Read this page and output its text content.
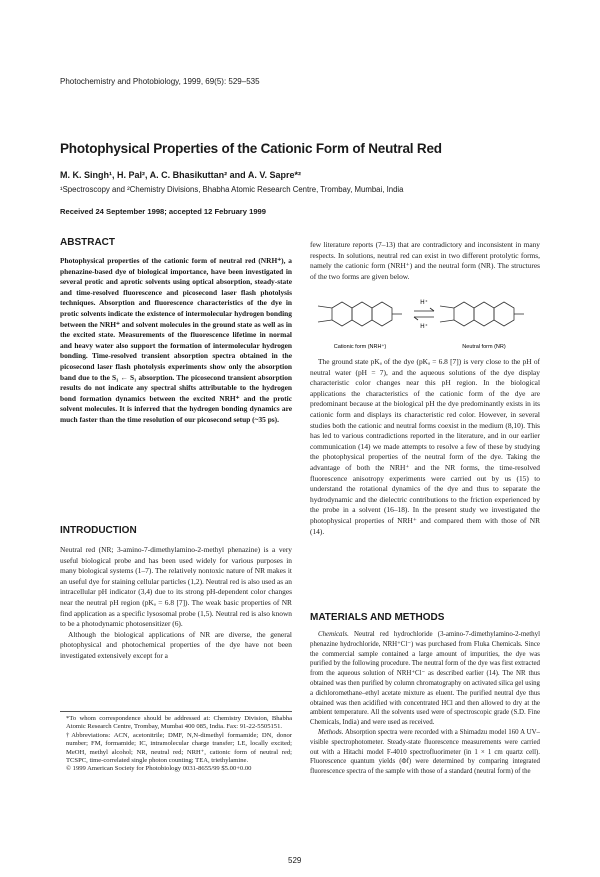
Photochemistry and Photobiology, 1999, 69(5): 529–535
Photophysical Properties of the Cationic Form of Neutral Red
M. K. Singh¹, H. Pal², A. C. Bhasikuttan² and A. V. Sapre*²
¹Spectroscopy and ²Chemistry Divisions, Bhabha Atomic Research Centre, Trombay, Mumbai, India
Received 24 September 1998; accepted 12 February 1999
ABSTRACT

Photophysical properties of the cationic form of neutral red (NRH⁺), a phenazine-based dye of biological importance, have been investigated in several protic and aprotic solvents using optical absorption, steady-state and time-resolved fluorescence and picosecond laser flash photolysis techniques. Absorption and fluorescence characteristics of the dye in protic solvents indicate the existence of intermolecular hydrogen bonding between the NRH⁺ and solvent molecules in the ground state as well as in the excited state. Measurements of the fluorescence lifetime in normal and heavy water also support the formation of intermolecular hydrogen bonding. Time-resolved transient absorption spectra obtained in the picosecond laser flash photolysis experiments show only the absorption band due to the S₁ ← S₁ absorption. The picosecond transient absorption results do not indicate any spectral shifts attributable to the hydrogen bond formation dynamics between the excited NRH⁺ and the protic solvent molecules. It is inferred that the hydrogen bonding dynamics are much faster than the time resolution of our picosecond setup (~35 ps).

INTRODUCTION

Neutral red (NR; 3-amino-7-dimethylamino-2-methyl phenazine) is a very useful biological probe and has been used widely for various purposes in many biological systems (1–7). The relatively nontoxic nature of NR makes it an useful dye for staining cellular particles (1,2). Neutral red is also used as an intracellular pH indicator (3,4) due to its strong pH-dependent color changes near the neutral pH region (pKₐ = 6.8 [7]). The weak basic properties of NR find application as a specific lysosomal probe (1,5). Neutral red is also known to be a photodynamic photosensitizer (6).

Although the biological applications of NR are diverse, the general photophysical and photochemical properties of the dye have not been investigated extensively except for a

*To whom correspondence should be addressed at: Chemistry Division, Bhabha Atomic Research Centre, Trombay, Mumbai 400 085, India. Fax: 91-22-5505151.

†Abbreviations: ACN, acetonitrile; DMF, N,N-dimethyl formamide; DN, donor number; FM, formamide; IC, intramolecular charge transfer; LE, locally excited; MeOH, methyl alcohol; NR, neutral red; NRH⁺, cationic form of neutral red; TCSPC, time-correlated single photon counting; TEA, triethylamine.

© 1999 American Society for Photobiology 0031-8655/99 $5.00+0.00

few literature reports (7–13) that are contradictory and inconsistent in many respects. In solutions, neutral red can exist in two different protolytic forms, namely the cationic form (NRH⁺) and the neutral form (NR). The structures of the two forms are given below.

H⁺
H⁺
Cationic form (NRH⁺)	Neutral form (NR)

The ground state pKₐ of the dye (pKₐ = 6.8 [7]) is very close to the pH of neutral water (pH = 7), and the aqueous solutions of the dye display characteristic color changes near this pH region. In the biological applications the characteristics of the cationic form of the dye are predominant because at the biological pH the dye predominantly exists in its cationic form and displays its characteristic red color. However, in several studies both the cationic and neutral forms coexist in the medium (8,10). This has led to various contradictions reported in the literature, and in our earlier communication (14) we made attempts to resolve a few of these by studying the photophysical properties of the neutral form of the dye. Taking the advantage of both the NRH⁺ and the NR forms, the time-resolved fluorescence anisotropy experiments were carried out by us (15) to understand the rotational dynamics of the dye and thus to separate the hydrodynamic and the dielectric contributions to the friction experienced by the probe in a solvent (16–18). In the present study we investigated the photophysical properties of NRH⁺ and compared them with those of NR (14).

MATERIALS AND METHODS

Chemicals. Neutral red hydrochloride (3-amino-7-dimethylamino-2-methyl phenazine hydrochloride, NRH⁺Cl⁻) was purchased from Fluka Chemicals. Since the commercial sample contained a large amount of impurities, the dye was purified by the following procedure. The neutral form of the dye was first extracted from the aqueous solution of NRH⁺Cl⁻ as described earlier (14). The NR thus obtained was then purified by column chromatography on activated silica gel using a dichloromethane–ethyl acetate mixture as eluent. The purified neutral dye thus obtained was then acidified with concentrated HCl and then allowed to dry at the ambient temperature. All the solvents used were of spectroscopic grade (S.D. Fine Chemicals, India) and were used as received.

Methods. Absorption spectra were recorded with a Shimadzu model 160 A UV–visible spectrophotometer. Steady-state fluorescence measurements were carried out with a Hitachi model F-4010 spectrofluorimeter (in 1 × 1 cm quartz cell). Fluorescence quantum yields (Φf) were determined by comparing integrated fluorescence spectra of the sample with those of a standard (neutral form) of the

529
